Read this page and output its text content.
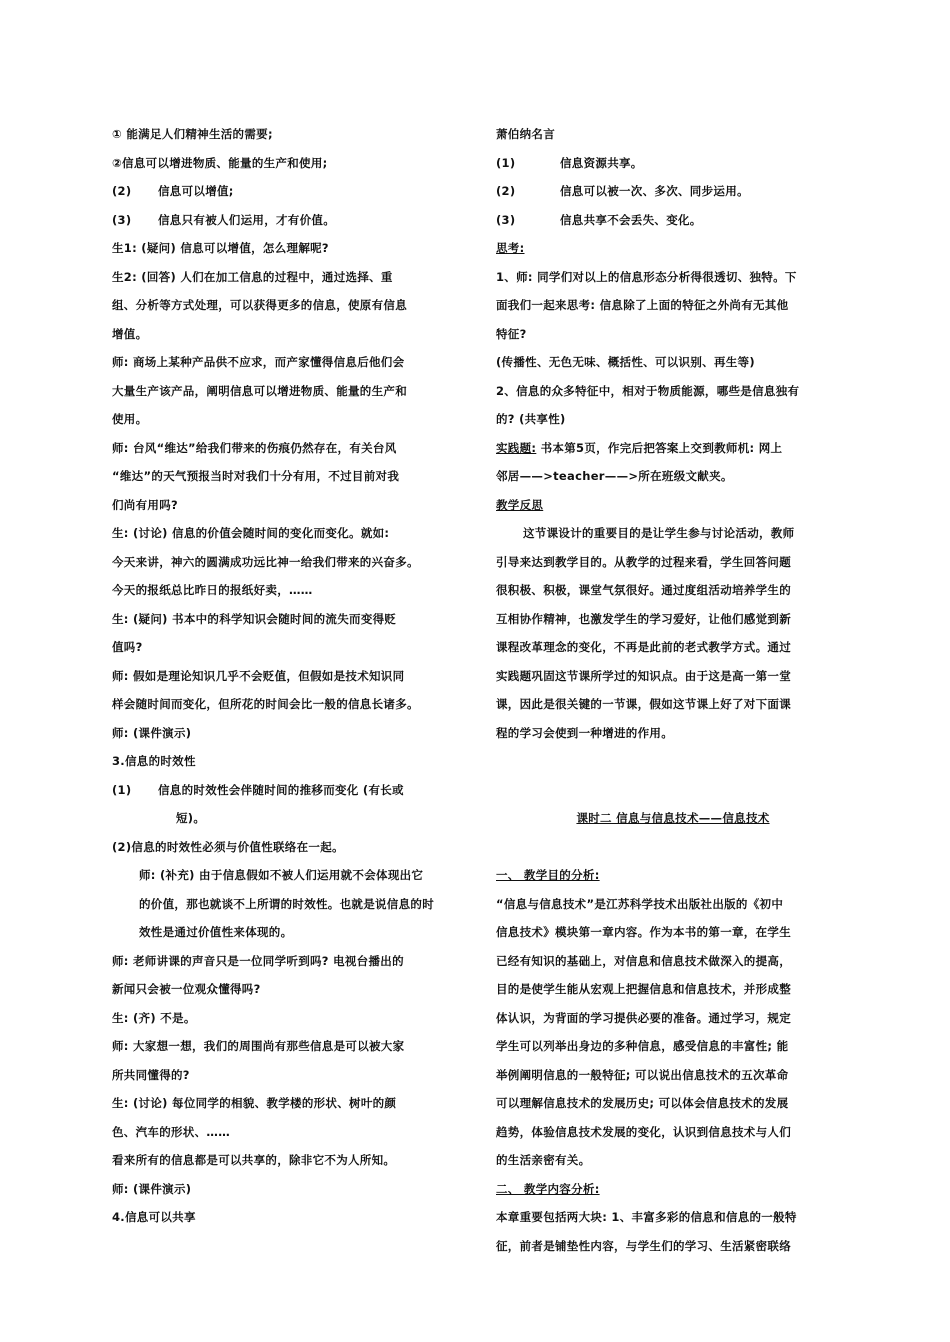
① 能满足人们精神生活的需要;
②信息可以增进物质、能量的生产和使用;
(2) 信息可以增值;
(3) 信息只有被人们运用，才有价值。
生1: (疑问) 信息可以增值，怎么理解呢?
生2: (回答) 人们在加工信息的过程中，通过选择、重
组、分析等方式处理，可以获得更多的信息，使原有信息
增值。
师: 商场上某种产品供不应求，而产家懂得信息后他们会
大量生产该产品，阐明信息可以增进物质、能量的生产和
使用。
师: 台风“维达”给我们带来的伤痕仍然存在，有关台风
“维达”的天气预报当时对我们十分有用，不过目前对我
们尚有用吗?
生: (讨论) 信息的价值会随时间的变化而变化。就如:
今天来讲，神六的圆满成功远比神一给我们带来的兴奋多。
今天的报纸总比昨日的报纸好卖，……
生: (疑问) 书本中的科学知识会随时间的流失而变得贬
值吗?
师: 假如是理论知识几乎不会贬值，但假如是技术知识同
样会随时间而变化，但所花的时间会比一般的信息长诸多。
师: (课件演示)
3.信息的时效性
(1) 信息的时效性会伴随时间的推移而变化 (有长或
短)。
(2)信息的时效性必须与价值性联络在一起。
师: (补充) 由于信息假如不被人们运用就不会体现出它
的价值，那也就谈不上所谓的时效性。也就是说信息的时
效性是通过价值性来体现的。
师: 老师讲课的声音只是一位同学听到吗? 电视台播出的
新闻只会被一位观众懂得吗?
生: (齐) 不是。
师: 大家想一想，我们的周围尚有那些信息是可以被大家
所共同懂得的?
生: (讨论) 每位同学的相貌、教学楼的形状、树叶的颜
色、汽车的形状、……
看来所有的信息都是可以共享的，除非它不为人所知。
师: (课件演示)
4.信息可以共享
萧伯纳名言
(1)	信息资源共享。
(2)	信息可以被一次、多次、同步运用。
(3)	信息共享不会丢失、变化。
思考:
1、师: 同学们对以上的信息形态分析得很透切、独特。下
面我们一起来思考: 信息除了上面的特征之外尚有无其他
特征?
(传播性、无色无味、概括性、可以识别、再生等)
2、信息的众多特征中，相对于物质能源，哪些是信息独有
的? (共享性)
实践题: 书本第5页，作完后把答案上交到教师机: 网上
邻居——>teacher——>所在班级文献夹。
教学反思
这节课设计的重要目的是让学生参与讨论活动，教师
引导来达到教学目的。从教学的过程来看，学生回答问题
很积极、积极，课堂气氛很好。通过度组活动培养学生的
互相协作精神，也激发学生的学习爱好，让他们感觉到新
课程改革理念的变化，不再是此前的老式教学方式。通过
实践题巩固这节课所学过的知识点。由于这是高一第一堂
课，因此是很关键的一节课，假如这节课上好了对下面课
程的学习会使到一种增进的作用。
课时二 信息与信息技术——信息技术
一、 教学目的分析:
“信息与信息技术”是江苏科学技术出版社出版的《初中
信息技术》模块第一章内容。作为本书的第一章，在学生
已经有知识的基础上，对信息和信息技术做深入的提高，
目的是使学生能从宏观上把握信息和信息技术，并形成整
体认识，为背面的学习提供必要的准备。通过学习，规定
学生可以列举出身边的多种信息，感受信息的丰富性; 能
举例阐明信息的一般特征; 可以说出信息技术的五次革命
可以理解信息技术的发展历史; 可以体会信息技术的发展
趋势，体验信息技术发展的变化，认识到信息技术与人们
的生活亲密有关。
二、 教学内容分析:
本章重要包括两大块: 1、丰富多彩的信息和信息的一般特
征，前者是铺垫性内容，与学生们的学习、生活紧密联络
